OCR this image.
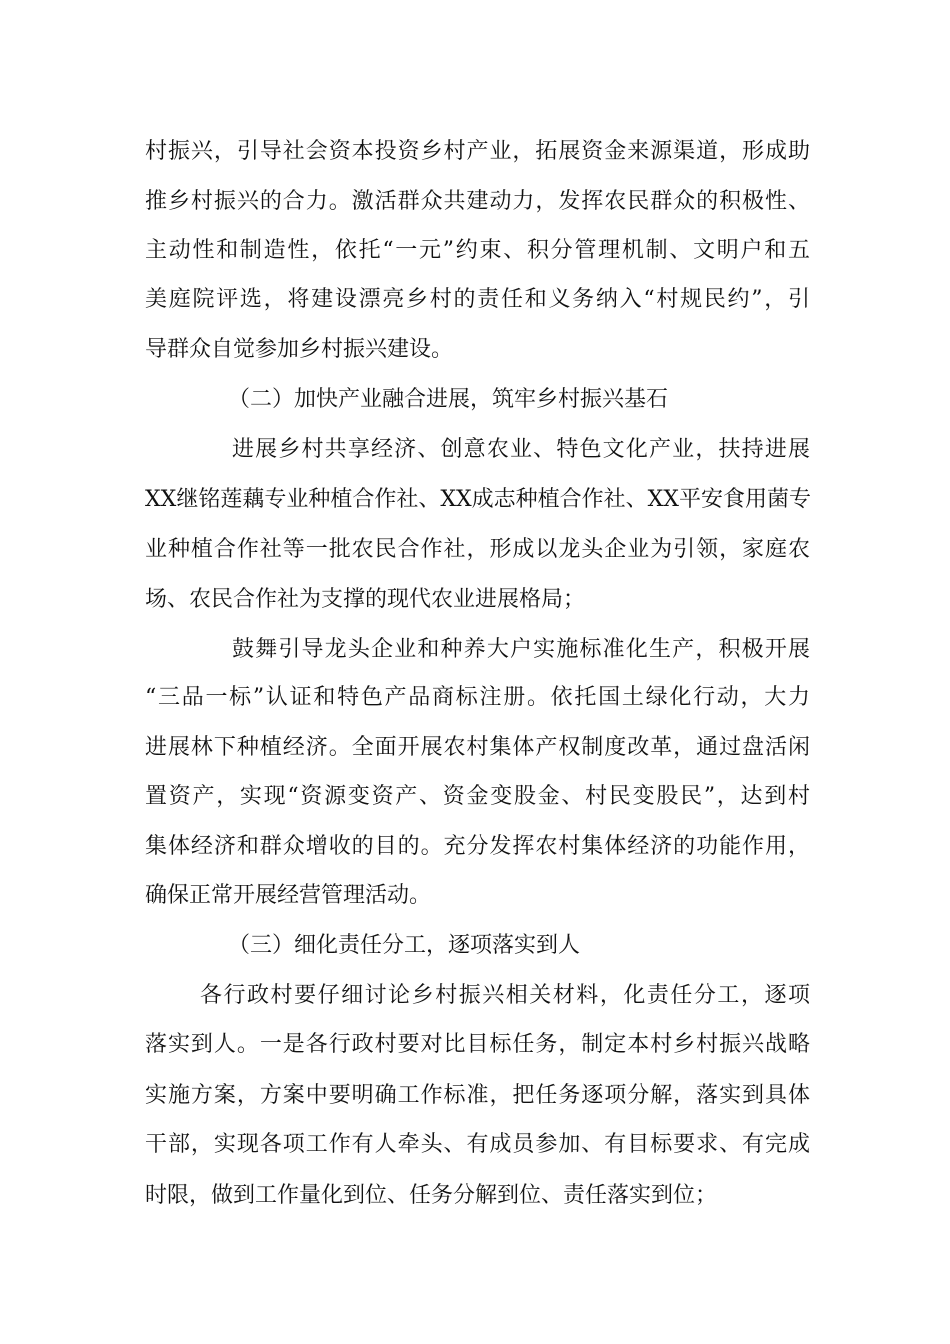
村振兴，引导社会资本投资乡村产业，拓展资金来源渠道，形成助
推乡村振兴的合力。激活群众共建动力，发挥农民群众的积极性、
主动性和制造性，依托“一元”约束、积分管理机制、文明户和五
美庭院评选，将建设漂亮乡村的责任和义务纳入“村规民约”，引
导群众自觉参加乡村振兴建设。
（二）加快产业融合进展，筑牢乡村振兴基石
进展乡村共享经济、创意农业、特色文化产业，扶持进展
XX继铭莲藕专业种植合作社、XX成志种植合作社、XX平安食用菌专
业种植合作社等一批农民合作社，形成以龙头企业为引领，家庭农
场、农民合作社为支撑的现代农业进展格局；
鼓舞引导龙头企业和种养大户实施标准化生产，积极开展
“三品一标”认证和特色产品商标注册。依托国土绿化行动，大力
进展林下种植经济。全面开展农村集体产权制度改革，通过盘活闲
置资产，实现“资源变资产、资金变股金、村民变股民”，达到村
集体经济和群众增收的目的。充分发挥农村集体经济的功能作用，
确保正常开展经营管理活动。
（三）细化责任分工，逐项落实到人
各行政村要仔细讨论乡村振兴相关材料，化责任分工，逐项
落实到人。一是各行政村要对比目标任务，制定本村乡村振兴战略
实施方案，方案中要明确工作标准，把任务逐项分解，落实到具体
干部，实现各项工作有人牵头、有成员参加、有目标要求、有完成
时限，做到工作量化到位、任务分解到位、责任落实到位；
